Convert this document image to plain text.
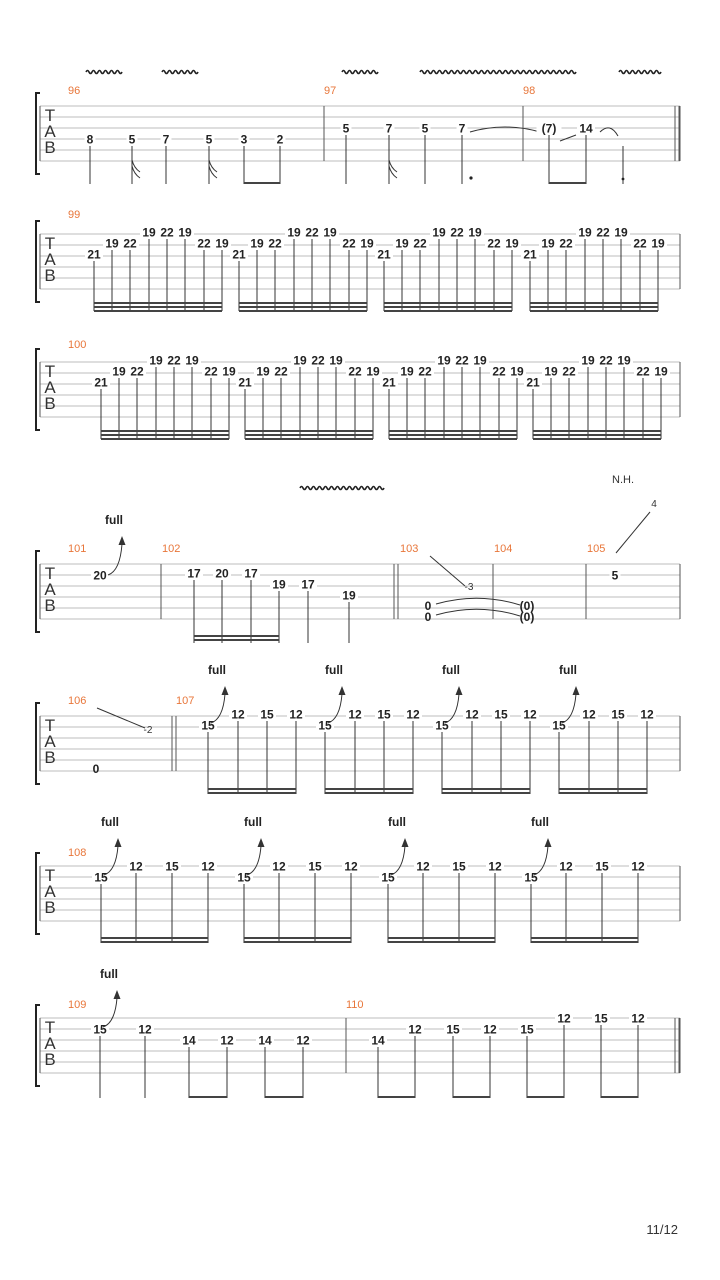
T
A
B
96	97	98
8	5 7	5 3 2
5	7 5	7	(7) 14
T
A
B
99
21
19 22
19 22 19
22 19
21
19 22
19 22 19
22 19
21
19 22
19 22 19
22 19
21
19 22
19 22 19
22 19
T
A
B
100
21
19 22
19 22 19
22 19
21
19 22
19 22 19
22 19
21
19 22
19 22 19
22 19
21
19 22
19 22 19
22 19
T
A
B
101	102	103	104	105
20
full
17 20 17
19 17
19
-3
0
0
(0)
(0)
N.H.
4
5
T
A
B
106	107
-2
0
15
12 15 12
full
15
12 15 12
full
15
12 15 12
full
15
12 15 12
full
T
A
B
108
15
12 15 12
full
15
12 15 12
full
15
12 15 12
full
15
12 15 12
full
T
A
B
109	110
15	12
14 12 14 12
full
14
12 15 12 15
12 15 12
11/12
